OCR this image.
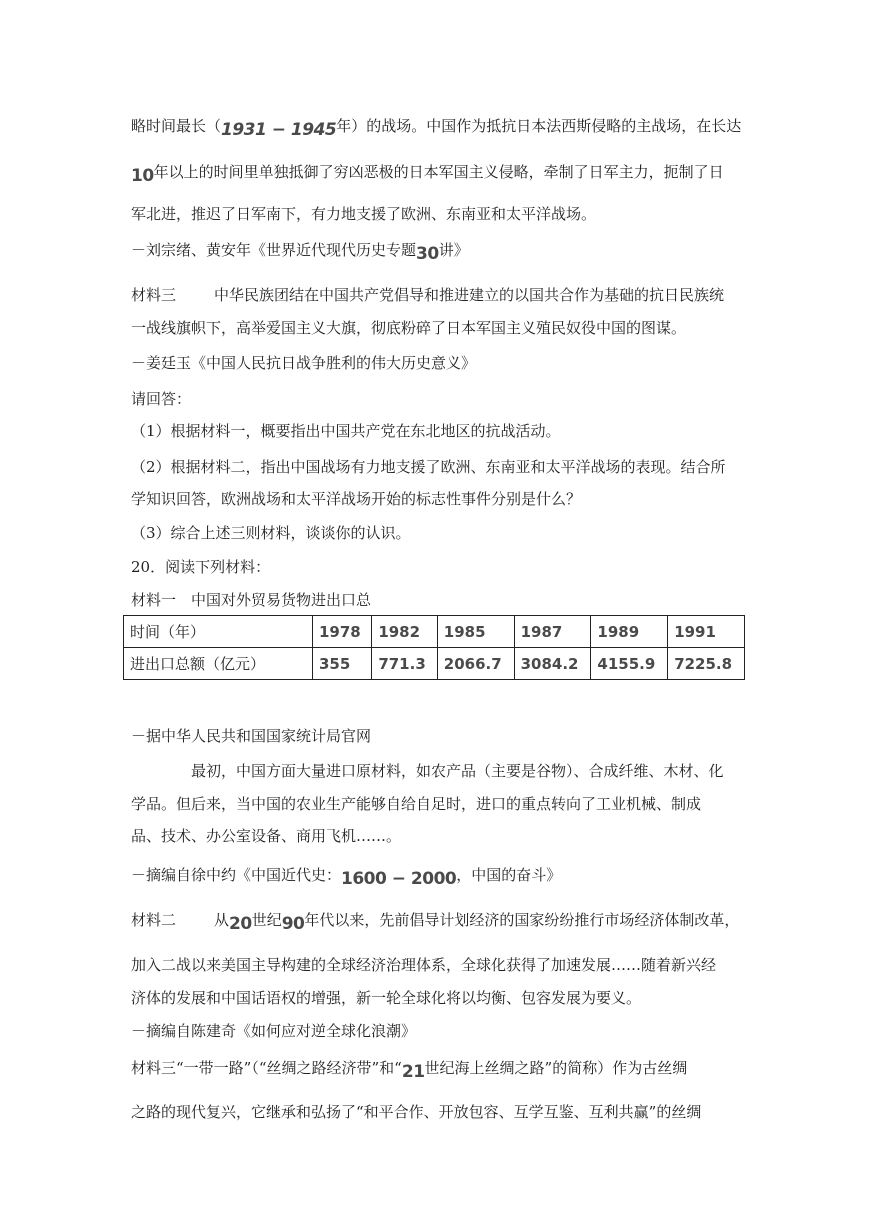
略时间最长（1931 − 1945年）的战场。中国作为抵抗日本法西斯侵略的主战场，在长达
10年以上的时间里单独抵御了穷凶恶极的日本军国主义侵略，牵制了日军主力，扼制了日
军北进，推迟了日军南下，有力地支援了欧洲、东南亚和太平洋战场。
－刘宗绪、黄安年《世界近代现代历史专题30讲》
材料三	中华民族团结在中国共产党倡导和推进建立的以国共合作为基础的抗日民族统
一战线旗帜下，高举爱国主义大旗，彻底粉碎了日本军国主义殖民奴役中国的图谋。
－姜廷玉《中国人民抗日战争胜利的伟大历史意义》
请回答：
（1）根据材料一，概要指出中国共产党在东北地区的抗战活动。
（2）根据材料二，指出中国战场有力地支援了欧洲、东南亚和太平洋战场的表现。结合所
学知识回答，欧洲战场和太平洋战场开始的标志性事件分别是什么？
（3）综合上述三则材料，谈谈你的认识。
20．阅读下列材料：
材料一　中国对外贸易货物进出口总
时间（年）	1978	1982	1985	1987	1989	1991
进出口总额（亿元）	355	771.3	2066.7	3084.2	4155.9	7225.8
－据中华人民共和国国家统计局官网
最初，中国方面大量进口原材料，如农产品（主要是谷物）、合成纤维、木材、化
学品。但后来，当中国的农业生产能够自给自足时，进口的重点转向了工业机械、制成
品、技术、办公室设备、商用飞机……。
－摘编自徐中约《中国近代史：1600 − 2000，中国的奋斗》
材料二	从20世纪90年代以来，先前倡导计划经济的国家纷纷推行市场经济体制改革，
加入二战以来美国主导构建的全球经济治理体系，全球化获得了加速发展……随着新兴经
济体的发展和中国话语权的增强，新一轮全球化将以均衡、包容发展为要义。
－摘编自陈建奇《如何应对逆全球化浪潮》
材料三“一带一路”（“丝绸之路经济带”和“21世纪海上丝绸之路”的简称）作为古丝绸
之路的现代复兴，它继承和弘扬了“和平合作、开放包容、互学互鉴、互利共赢”的丝绸
